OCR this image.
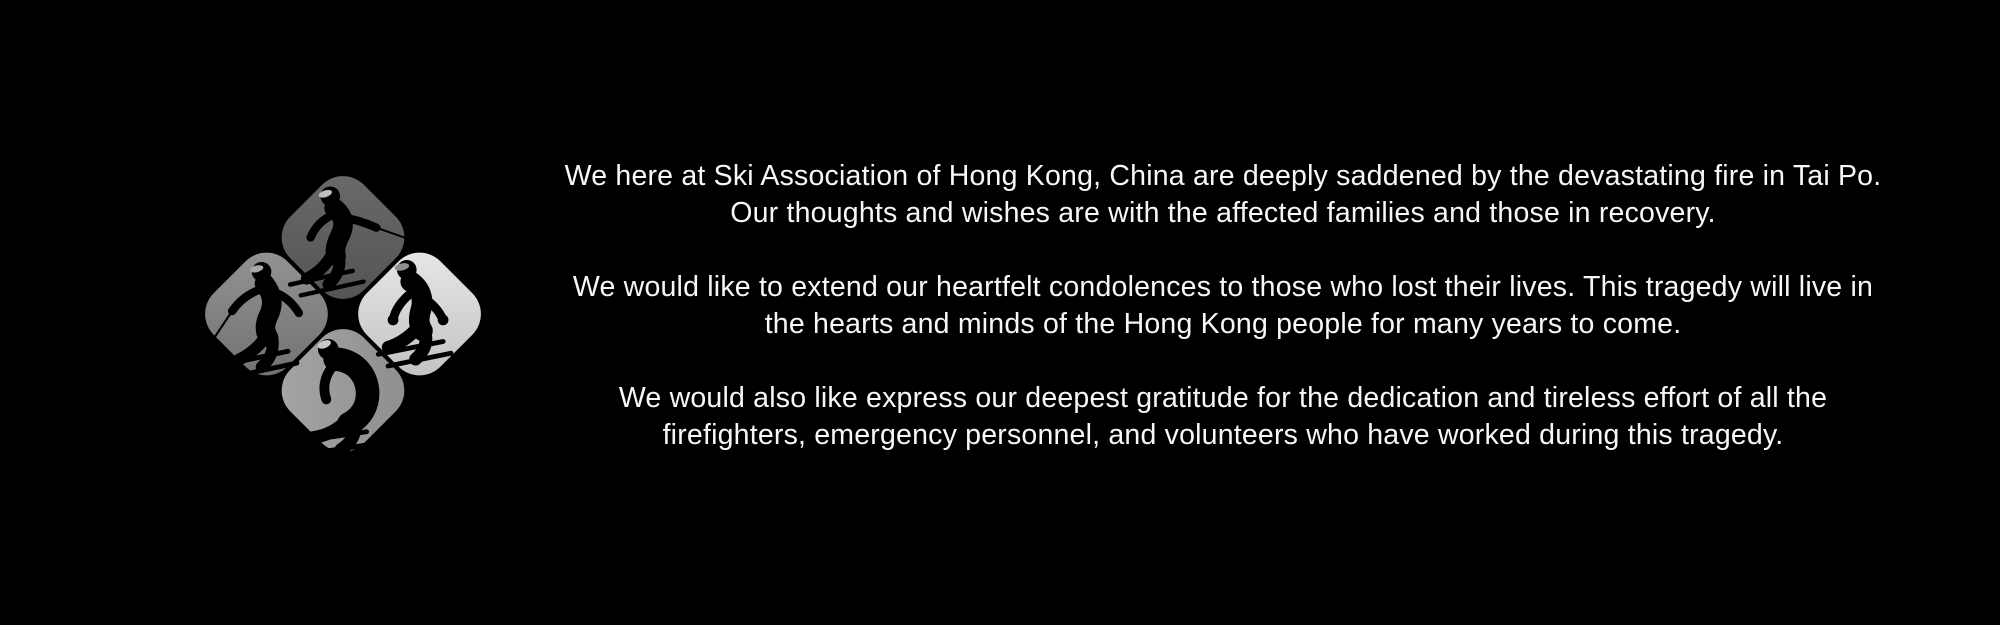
We here at Ski Association of Hong Kong, China are deeply saddened by the devastating fire in Tai Po.
Our thoughts and wishes are with the affected families and those in recovery.

We would like to extend our heartfelt condolences to those who lost their lives. This tragedy will live in
the hearts and minds of the Hong Kong people for many years to come.

We would also like express our deepest gratitude for the dedication and tireless effort of all the
firefighters, emergency personnel, and volunteers who have worked during this tragedy.
